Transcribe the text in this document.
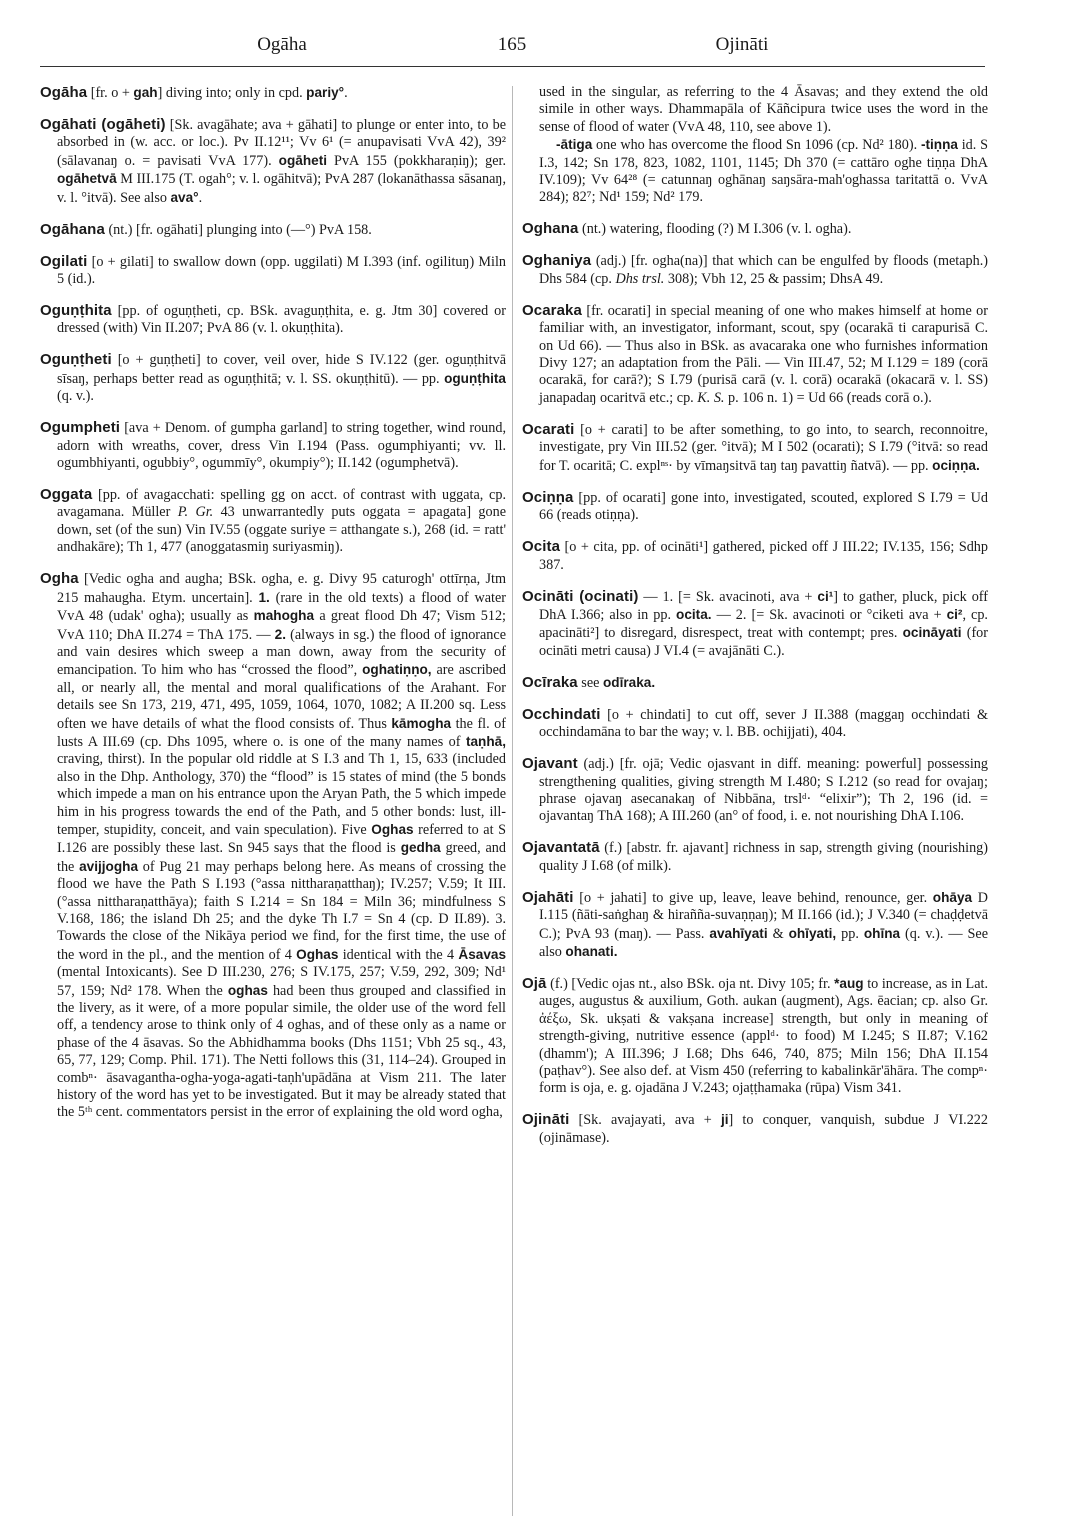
Ogāha	165	Ojināti
Ogāha [fr. o + gah] diving into; only in cpd. pariy°.
Ogāhati (ogāheti) [Sk. avagāhate; ava + gāhati] to plunge or enter into, to be absorbed in (w. acc. or loc.). Pv II.12¹¹; Vv 6¹ (= anupavisati VvA 42), 39² (sālavanaŋ o. = pavisati VvA 177). ogāheti PvA 155 (pokkharaṇiŋ); ger. ogāhetvā M III.175 (T. ogah°; v. l. ogāhitvā); PvA 287 (lokanāthassa sāsanaŋ, v. l. °itvā). See also ava°.
Ogāhana (nt.) [fr. ogāhati] plunging into (—°) PvA 158.
Ogilati [o + gilati] to swallow down (opp. uggilati) M I.393 (inf. ogilituŋ) Miln 5 (id.).
Oguṇṭhita [pp. of oguṇṭheti, cp. BSk. avaguṇṭhita, e. g. Jtm 30] covered or dressed (with) Vin II.207; PvA 86 (v. l. okuṇṭhita).
Oguṇṭheti [o + guṇṭheti] to cover, veil over, hide S IV.122 (ger. oguṇṭhitvā sīsaŋ, perhaps better read as oguṇṭhitā; v. l. SS. okuṇṭhitū). — pp. oguṇṭhita (q. v.).
Ogumpheti [ava + Denom. of gumpha garland] to string together, wind round, adorn with wreaths, cover, dress Vin I.194 (Pass. ogumphiyanti; vv. ll. ogumbhiyanti, ogubbiy°, ogummīy°, okumpiy°); II.142 (ogumphetvā).
Oggata [pp. of avagacchati: spelling gg on acct. of contrast with uggata, cp. avagamana. Müller P. Gr. 43 unwarrantedly puts oggata = apagata] gone down, set (of the sun) Vin IV.55 (oggate suriye = atthangate s.), 268 (id. = ratt' andhakāre); Th 1, 477 (anoggatasmiŋ suriyasmiŋ).
Ogha [Vedic ogha and augha; BSk. ogha, e. g. Divy 95 caturogh' ottīrṇa, Jtm 215 mahaugha. Etym. uncertain]. 1. (rare in the old texts) a flood of water VvA 48 (udak' ogha); usually as mahogha a great flood Dh 47; Vism 512; VvA 110; DhA II.274 = ThA 175. — 2. (always in sg.) the flood of ignorance and vain desires which sweep a man down, away from the security of emancipation. To him who has “crossed the flood”, oghatiṇṇo, are ascribed all, or nearly all, the mental and moral qualifications of the Arahant. For details see Sn 173, 219, 471, 495, 1059, 1064, 1070, 1082; A II.200 sq. Less often we have details of what the flood consists of. Thus kāmogha the fl. of lusts A III.69 (cp. Dhs 1095, where o. is one of the many names of taṇhā, craving, thirst). In the popular old riddle at S I.3 and Th 1, 15, 633 (included also in the Dhp. Anthology, 370) the “flood” is 15 states of mind (the 5 bonds which impede a man on his entrance upon the Aryan Path, the 5 which impede him in his progress towards the end of the Path, and 5 other bonds: lust, ill-temper, stupidity, conceit, and vain speculation). Five Oghas referred to at S I.126 are possibly these last. Sn 945 says that the flood is gedha greed, and the avijjogha of Pug 21 may perhaps belong here. As means of crossing the flood we have the Path S I.193 (°assa nittharaṇatthaŋ); IV.257; V.59; It III. (°assa nittharaṇatthāya); faith S I.214 = Sn 184 = Miln 36; mindfulness S V.168, 186; the island Dh 25; and the dyke Th I.7 = Sn 4 (cp. D II.89). 3. Towards the close of the Nikāya period we find, for the first time, the use of the word in the pl., and the mention of 4 Oghas identical with the 4 Āsavas (mental Intoxicants). See D III.230, 276; S IV.175, 257; V.59, 292, 309; Nd¹ 57, 159; Nd² 178. When the oghas had been thus grouped and classified in the livery, as it were, of a more popular simile, the older use of the word fell off, a tendency arose to think only of 4 oghas, and of these only as a name or phase of the 4 āsavas. So the Abhidhamma books (Dhs 1151; Vbh 25 sq., 43, 65, 77, 129; Comp. Phil. 171). The Netti follows this (31, 114–24). Grouped in combⁿ· āsavagantha-ogha-yoga-agati-taṇh'upādāna at Vism 211. The later history of the word has yet to be investigated. But it may be already stated that the 5ᵗʰ cent. commentators persist in the error of explaining the old word ogha,
used in the singular, as referring to the 4 Āsavas; and they extend the old simile in other ways. Dhammapāla of Kāñcipura twice uses the word in the sense of flood of water (VvA 48, 110, see above 1).
-ātiga one who has overcome the flood Sn 1096 (cp. Nd² 180). -tiṇṇa id. S I.3, 142; Sn 178, 823, 1082, 1101, 1145; Dh 370 (= cattāro oghe tiṇṇa DhA IV.109); Vv 64²⁸ (= catunnaŋ oghānaŋ saŋsāra-mah'oghassa taritattā o. VvA 284); 82⁷; Nd¹ 159; Nd² 179.
Oghana (nt.) watering, flooding (?) M I.306 (v. l. ogha).
Oghaniya (adj.) [fr. ogha(na)] that which can be engulfed by floods (metaph.) Dhs 584 (cp. Dhs trsl. 308); Vbh 12, 25 & passim; DhsA 49.
Ocaraka [fr. ocarati] in special meaning of one who makes himself at home or familiar with, an investigator, informant, scout, spy (ocarakā ti carapurisā C. on Ud 66). — Thus also in BSk. as avacaraka one who furnishes information Divy 127; an adaptation from the Pāli. — Vin III.47, 52; M I.129 = 189 (corā ocarakā, for carā?); S I.79 (purisā carā (v. l. corā) ocarakā (okacarā v. l. SS) janapadaŋ ocaritvā etc.; cp. K. S. p. 106 n. 1) = Ud 66 (reads corā o.).
Ocarati [o + carati] to be after something, to go into, to search, reconnoitre, investigate, pry Vin III.52 (ger. °itvā); M I 502 (ocarati); S I.79 (°itvā: so read for T. ocaritā; C. explⁿˢ· by vīmaŋsitvā taŋ taŋ pavattiŋ ñatvā). — pp. ociṇṇa.
Ociṇṇa [pp. of ocarati] gone into, investigated, scouted, explored S I.79 = Ud 66 (reads otiṇṇa).
Ocita [o + cita, pp. of ocināti¹] gathered, picked off J III.22; IV.135, 156; Sdhp 387.
Ocināti (ocinati) — 1. [= Sk. avacinoti, ava + ci¹] to gather, pluck, pick off DhA I.366; also in pp. ocita. — 2. [= Sk. avacinoti or °ciketi ava + ci², cp. apacināti²] to disregard, disrespect, treat with contempt; pres. ocināyati (for ocināti metri causa) J VI.4 (= avajānāti C.).
Ocīraka see odīraka.
Occhindati [o + chindati] to cut off, sever J II.388 (maggaŋ occhindati & occhindamāna to bar the way; v. l. BB. ochijjati), 404.
Ojavant (adj.) [fr. ojā; Vedic ojasvant in diff. meaning: powerful] possessing strengthening qualities, giving strength M I.480; S I.212 (so read for ovajaŋ; phrase ojavaŋ asecanakaŋ of Nibbāna, trslᵈ· “elixir”); Th 2, 196 (id. = ojavantaŋ ThA 168); A III.260 (an° of food, i. e. not nourishing DhA I.106.
Ojavantatā (f.) [abstr. fr. ajavant] richness in sap, strength giving (nourishing) quality J I.68 (of milk).
Ojahāti [o + jahati] to give up, leave, leave behind, renounce, ger. ohāya D I.115 (ñāti-saṅghaŋ & hirañña-suvaṇṇaŋ); M II.166 (id.); J V.340 (= chaḍḍetvā C.); PvA 93 (maŋ). — Pass. avahīyati & ohīyati, pp. ohīna (q. v.). — See also ohanati.
Ojā (f.) [Vedic ojas nt., also BSk. oja nt. Divy 105; fr. *aug to increase, as in Lat. auges, augustus & auxilium, Goth. aukan (augment), Ags. ēacian; cp. also Gr. ἀέξω, Sk. ukṣati & vakṣana increase] strength, but only in meaning of strength-giving, nutritive essence (applᵈ· to food) M I.245; S II.87; V.162 (dhamm'); A III.396; J I.68; Dhs 646, 740, 875; Miln 156; DhA II.154 (paṭhav°). See also def. at Vism 450 (referring to kabalinkār'āhāra. The compⁿ· form is oja, e. g. ojadāna J V.243; ojaṭṭhamaka (rūpa) Vism 341.
Ojināti [Sk. avajayati, ava + ji] to conquer, vanquish, subdue J VI.222 (ojināmase).
